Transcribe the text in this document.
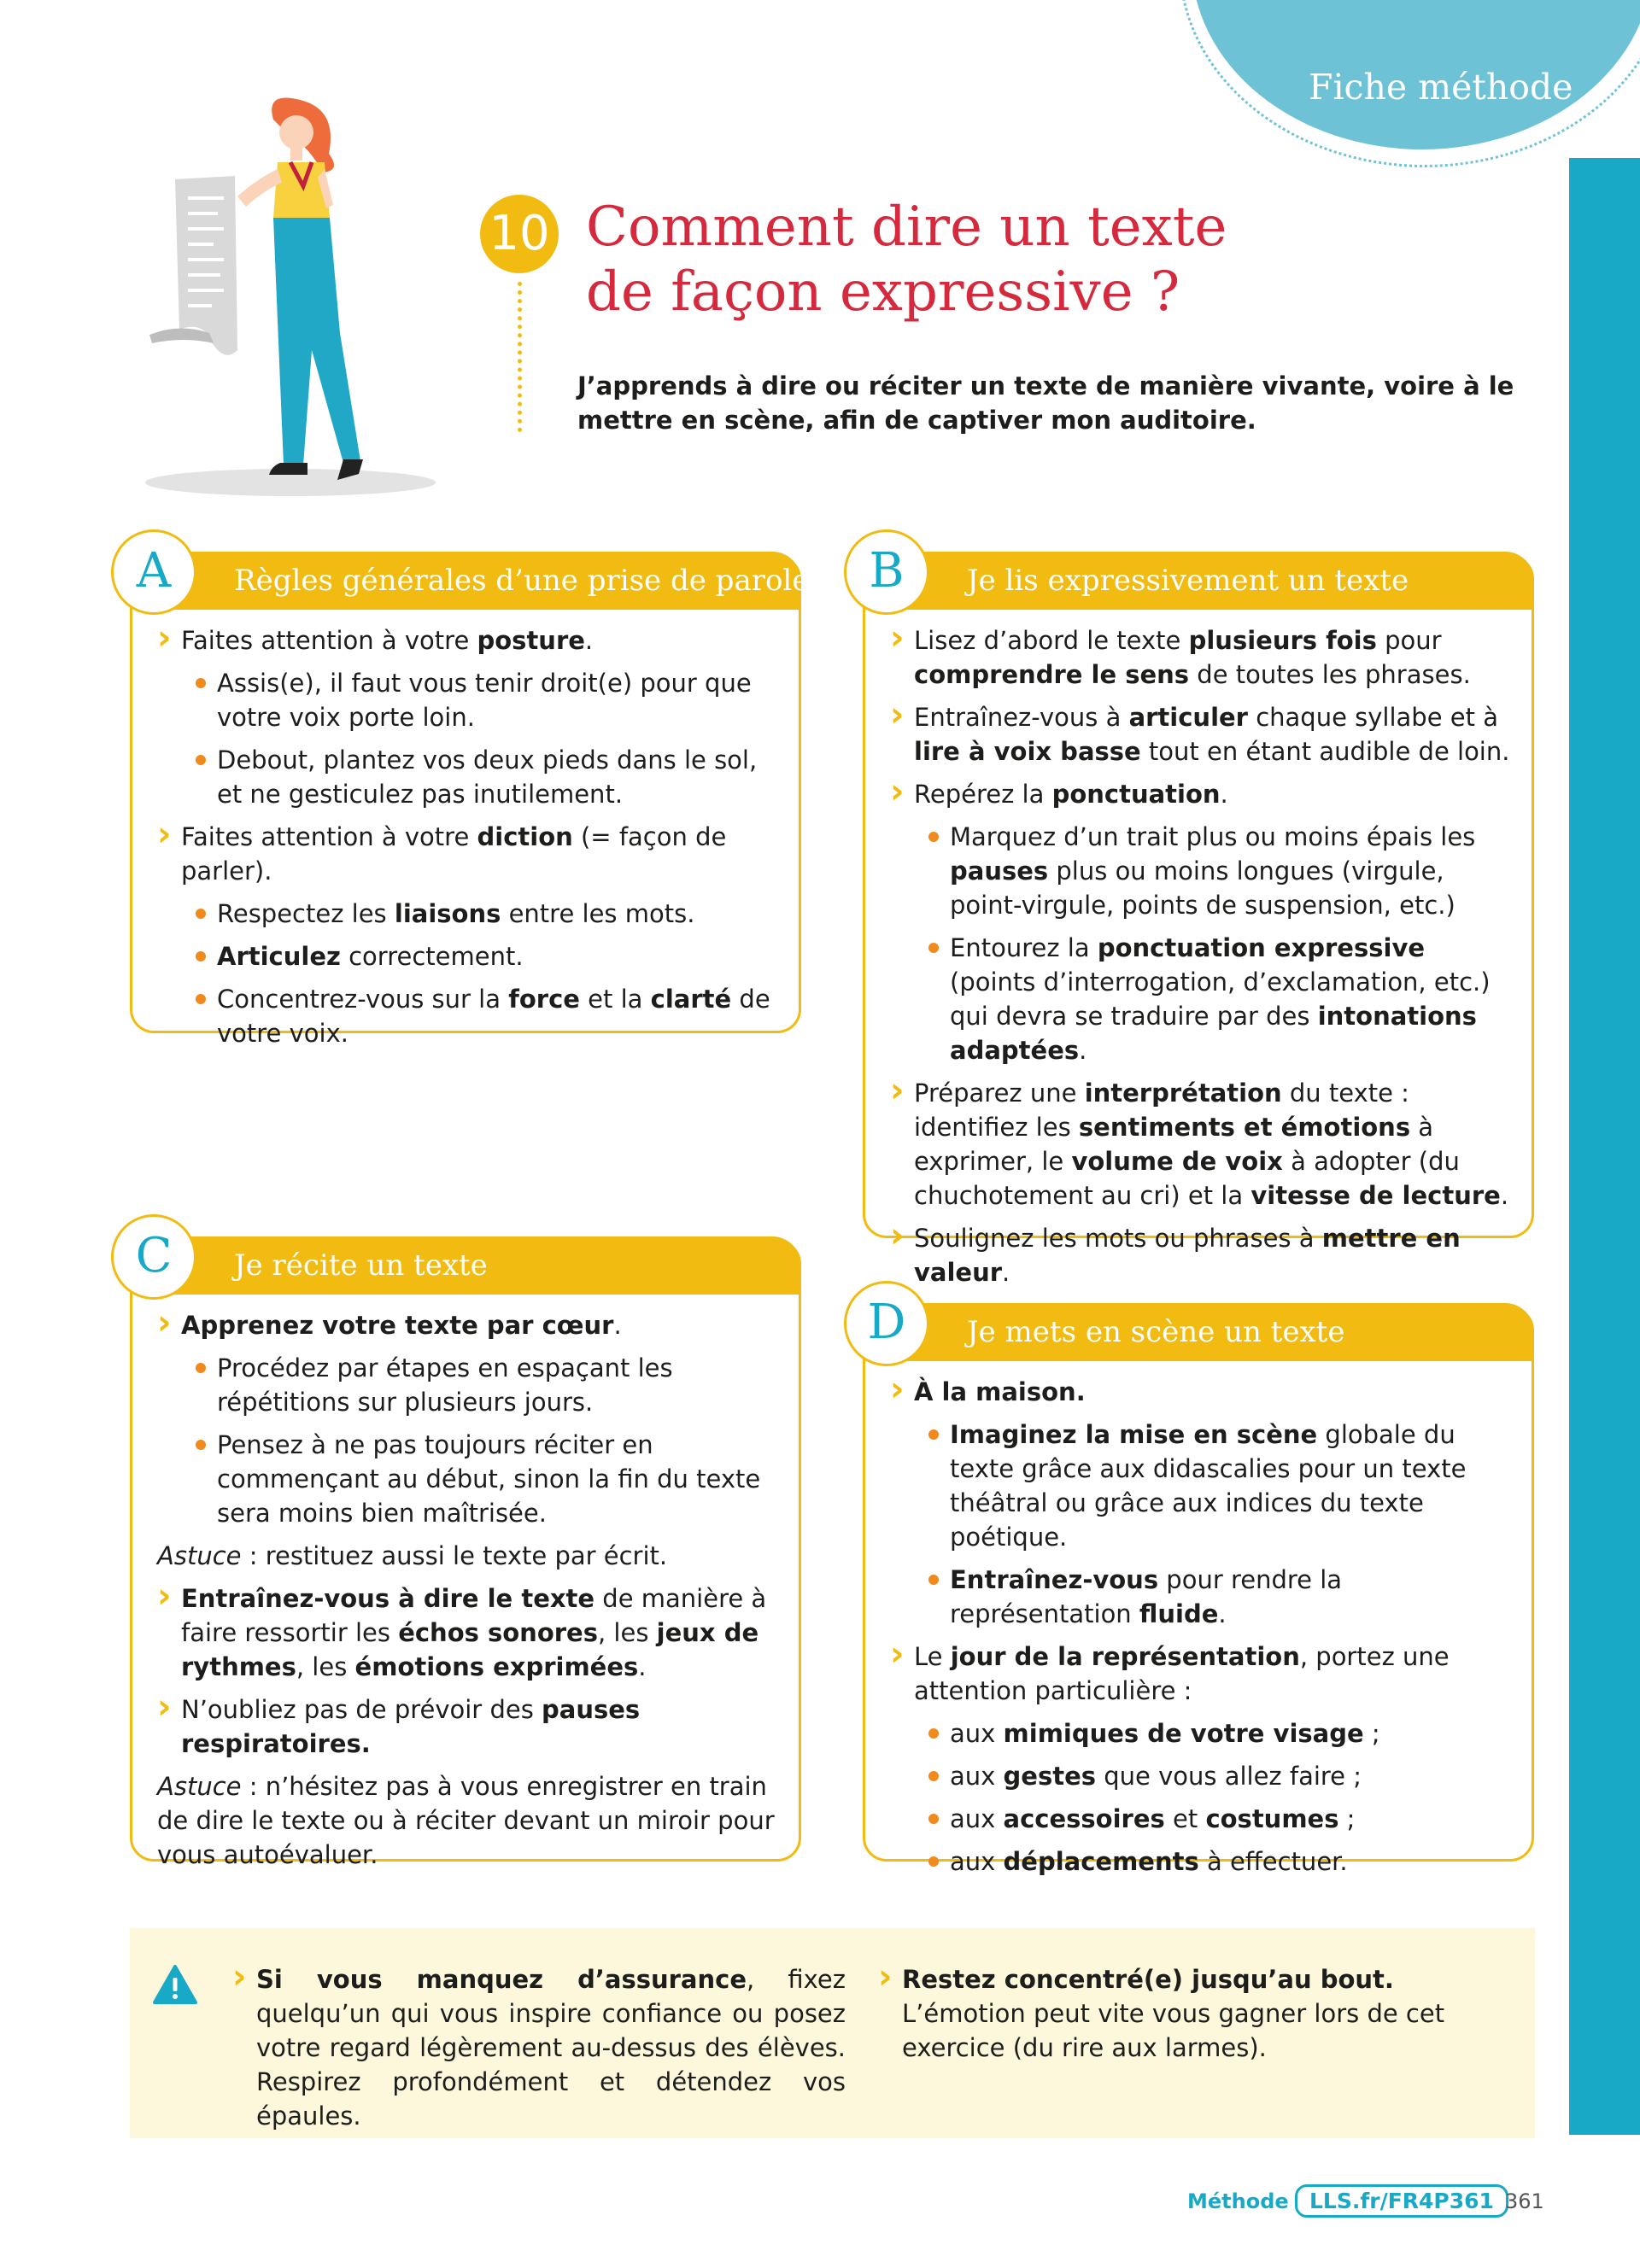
Fiche méthode
10 Comment dire un texte
de façon expressive ?
J’apprends à dire ou réciter un texte de manière vivante, voire à le mettre en scène, afin de captiver mon auditoire.
Règles générales d’une prise de parole
A
› Faites attention à votre posture.
Assis(e), il faut vous tenir droit(e) pour que votre voix porte loin.
Debout, plantez vos deux pieds dans le sol, et ne gesticulez pas inutilement.
› Faites attention à votre diction (= façon de parler).
Respectez les liaisons entre les mots.
Articulez correctement.
Concentrez-vous sur la force et la clarté de votre voix.
Je lis expressivement un texte
B
› Lisez d’abord le texte plusieurs fois pour comprendre le sens de toutes les phrases.
› Entraînez-vous à articuler chaque syllabe et à lire à voix basse tout en étant audible de loin.
› Repérez la ponctuation.
Marquez d’un trait plus ou moins épais les pauses plus ou moins longues (virgule, point-virgule, points de suspension, etc.)
Entourez la ponctuation expressive (points d’interrogation, d’exclamation, etc.) qui devra se traduire par des intonations adaptées.
› Préparez une interprétation du texte : identifiez les sentiments et émotions à exprimer, le volume de voix à adopter (du chuchotement au cri) et la vitesse de lecture.
› Soulignez les mots ou phrases à mettre en valeur.
Je récite un texte
C
› Apprenez votre texte par cœur.
Procédez par étapes en espaçant les répétitions sur plusieurs jours.
Pensez à ne pas toujours réciter en commençant au début, sinon la fin du texte sera moins bien maîtrisée.
Astuce : restituez aussi le texte par écrit.
› Entraînez-vous à dire le texte de manière à faire ressortir les échos sonores, les jeux de rythmes, les émotions exprimées.
› N’oubliez pas de prévoir des pauses respiratoires.
Astuce : n’hésitez pas à vous enregistrer en train de dire le texte ou à réciter devant un miroir pour vous autoévaluer.
Je mets en scène un texte
D
› À la maison.
Imaginez la mise en scène globale du texte grâce aux didascalies pour un texte théâtral ou grâce aux indices du texte poétique.
Entraînez-vous pour rendre la représentation fluide.
› Le jour de la représentation, portez une attention particulière :
aux mimiques de votre visage ;
aux gestes que vous allez faire ;
aux accessoires et costumes ;
aux déplacements à effectuer.
› Si vous manquez d’assurance, fixez quelqu’un qui vous inspire confiance ou posez votre regard légèrement au-dessus des élèves. Respirez profondément et détendez vos épaules.
› Restez concentré(e) jusqu’au bout. L’émotion peut vite vous gagner lors de cet exercice (du rire aux larmes).
Méthode LLS.fr/FR4P361 361
